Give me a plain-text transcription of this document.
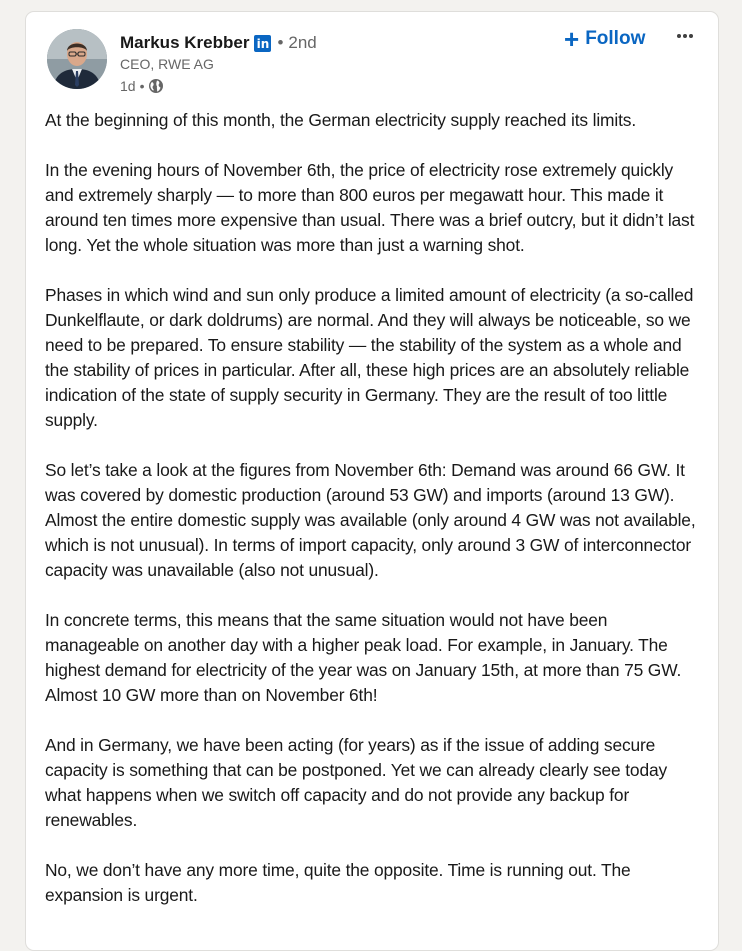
Markus Krebber in • 2nd
CEO, RWE AG
1d •
+ Follow

At the beginning of this month, the German electricity supply reached its limits.

In the evening hours of November 6th, the price of electricity rose extremely quickly and extremely sharply — to more than 800 euros per megawatt hour. This made it around ten times more expensive than usual. There was a brief outcry, but it didn’t last long. Yet the whole situation was more than just a warning shot.

Phases in which wind and sun only produce a limited amount of electricity (a so-called Dunkelflaute, or dark doldrums) are normal. And they will always be noticeable, so we need to be prepared. To ensure stability — the stability of the system as a whole and the stability of prices in particular. After all, these high prices are an absolutely reliable indication of the state of supply security in Germany. They are the result of too little supply.

So let’s take a look at the figures from November 6th: Demand was around 66 GW. It was covered by domestic production (around 53 GW) and imports (around 13 GW). Almost the entire domestic supply was available (only around 4 GW was not available, which is not unusual). In terms of import capacity, only around 3 GW of interconnector capacity was unavailable (also not unusual).

In concrete terms, this means that the same situation would not have been manageable on another day with a higher peak load. For example, in January. The highest demand for electricity of the year was on January 15th, at more than 75 GW. Almost 10 GW more than on November 6th!

And in Germany, we have been acting (for years) as if the issue of adding secure capacity is something that can be postponed. Yet we can already clearly see today what happens when we switch off capacity and do not provide any backup for renewables.

No, we don’t have any more time, quite the opposite. Time is running out. The expansion is urgent.
